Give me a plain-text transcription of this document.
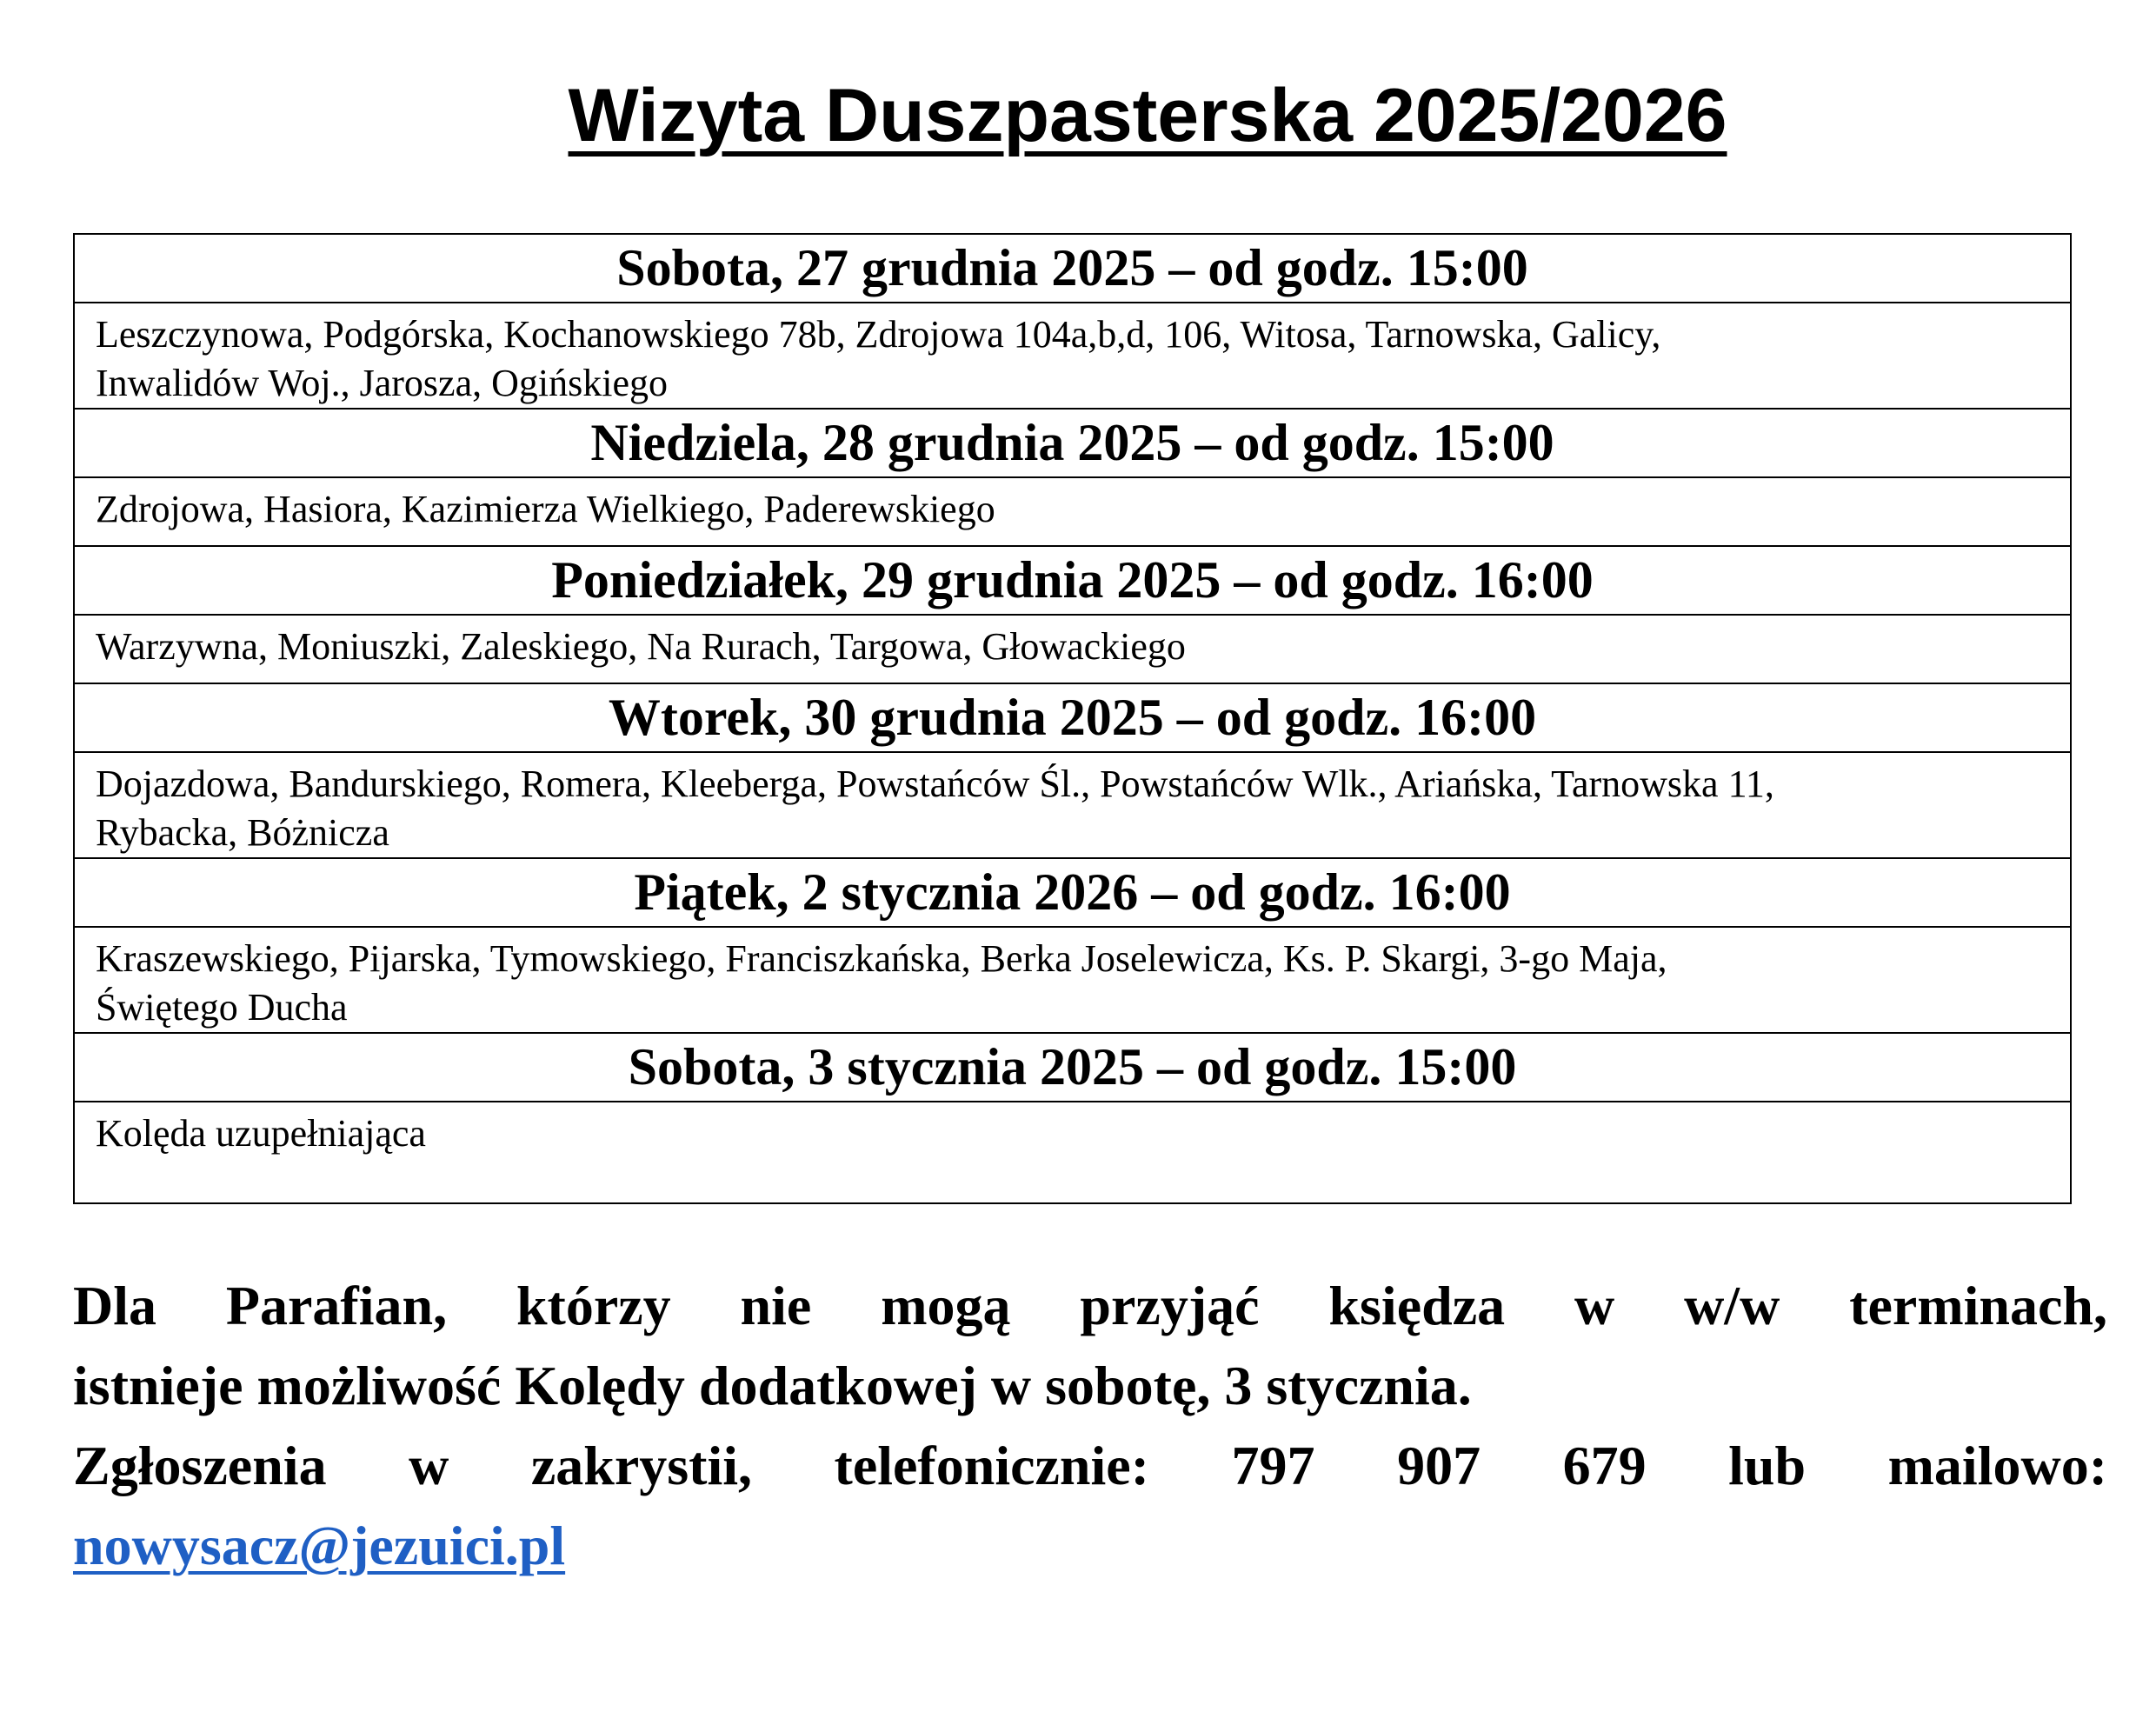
Wizyta Duszpasterska 2025/2026
Sobota, 27 grudnia 2025 – od godz. 15:00

Leszczynowa, Podgórska, Kochanowskiego 78b, Zdrojowa 104a,b,d, 106, Witosa, Tarnowska, Galicy,
Inwalidów Woj., Jarosza, Ogińskiego

Niedziela, 28 grudnia 2025 – od godz. 15:00

Zdrojowa, Hasiora, Kazimierza Wielkiego, Paderewskiego

Poniedziałek, 29 grudnia 2025 – od godz. 16:00

Warzywna, Moniuszki, Zaleskiego, Na Rurach, Targowa, Głowackiego

Wtorek, 30 grudnia 2025 – od godz. 16:00

Dojazdowa, Bandurskiego, Romera, Kleeberga, Powstańców Śl., Powstańców Wlk., Ariańska, Tarnowska 11,
Rybacka, Bóżnicza

Piątek, 2 stycznia 2026 – od godz. 16:00

Kraszewskiego, Pijarska, Tymowskiego, Franciszkańska, Berka Joselewicza, Ks. P. Skargi, 3-go Maja,
Świętego Ducha

Sobota, 3 stycznia 2025 – od godz. 15:00

Kolęda uzupełniająca

Dla Parafian, którzy nie mogą przyjąć księdza w w/w terminach,

istnieje możliwość Kolędy dodatkowej w sobotę, 3 stycznia.

Zgłoszenia w zakrystii, telefonicznie: 797 907 679 lub mailowo:

nowysacz@jezuici.pl
